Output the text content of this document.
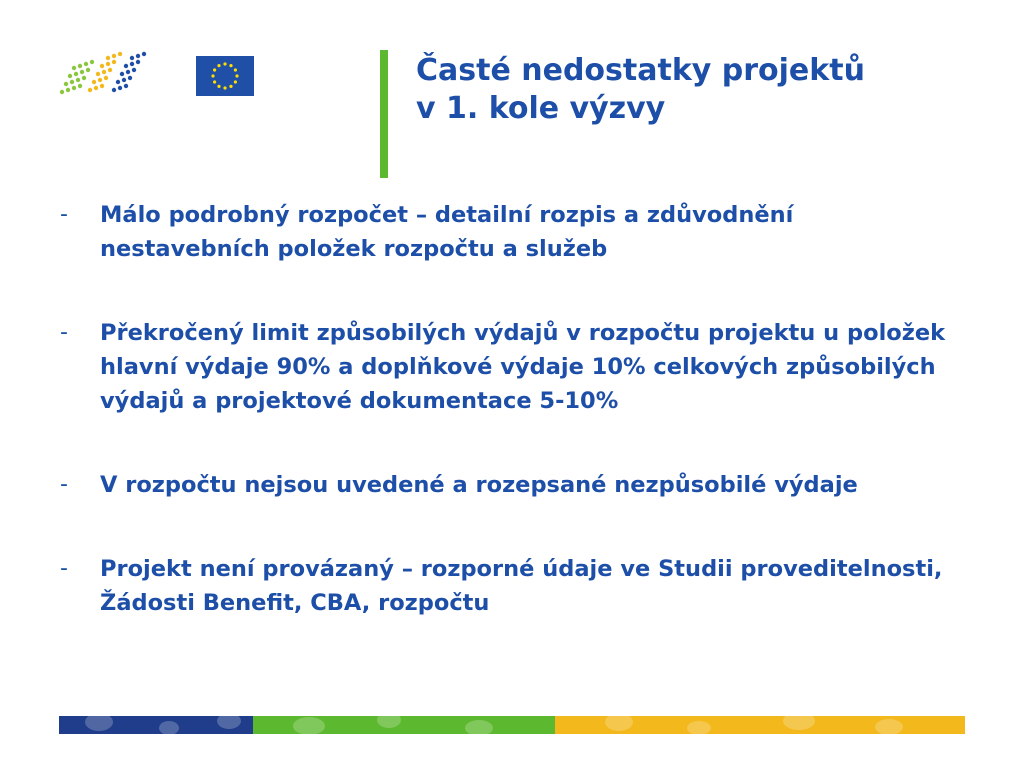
Časté nedostatky projektů
v 1. kole výzvy
-	Málo podrobný rozpočet – detailní rozpis a zdůvodnění nestavebních položek rozpočtu a služeb
-	Překročený limit způsobilých výdajů v rozpočtu projektu u položek hlavní výdaje 90% a doplňkové výdaje 10% celkových způsobilých výdajů a projektové dokumentace 5-10%
-	V rozpočtu nejsou uvedené a rozepsané nezpůsobilé výdaje
-	Projekt není provázaný – rozporné údaje ve Studii proveditelnosti, Žádosti Benefit, CBA, rozpočtu
